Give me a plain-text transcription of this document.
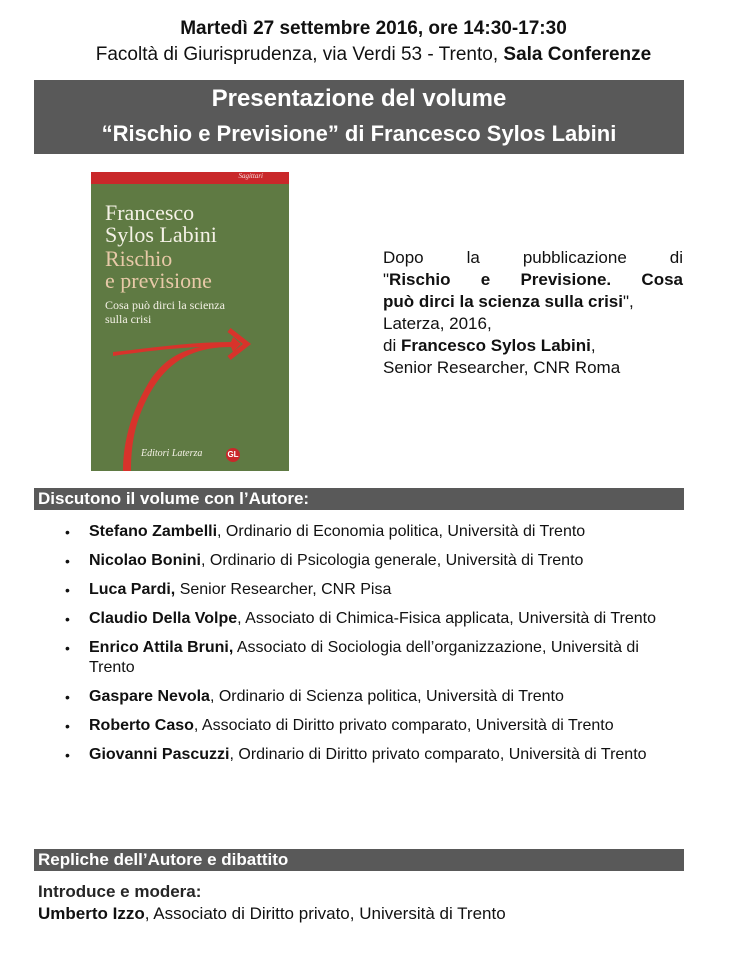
Martedì 27 settembre 2016, ore 14:30-17:30
Facoltà di Giurisprudenza, via Verdi 53 - Trento, Sala Conferenze
Presentazione del volume
“Rischio e Previsione” di Francesco Sylos Labini
Sagittari
Francesco
Sylos Labini
Rischio
e previsione
Cosa può dirci la scienza
sulla crisi
Editori Laterza	GL
Dopo la pubblicazione di
"Rischio e Previsione. Cosa
può dirci la scienza sulla crisi",
Laterza, 2016,
di Francesco Sylos Labini,
Senior Researcher, CNR Roma
Discutono il volume con l’Autore:
• Stefano Zambelli, Ordinario di Economia politica, Università di Trento
• Nicolao Bonini, Ordinario di Psicologia generale, Università di Trento
• Luca Pardi, Senior Researcher, CNR Pisa
• Claudio Della Volpe, Associato di Chimica-Fisica applicata, Università di Trento
• Enrico Attila Bruni, Associato di Sociologia dell’organizzazione, Università di Trento
• Gaspare Nevola, Ordinario di Scienza politica, Università di Trento
• Roberto Caso, Associato di Diritto privato comparato, Università di Trento
• Giovanni Pascuzzi, Ordinario di Diritto privato comparato, Università di Trento
Repliche dell’Autore e dibattito
Introduce e modera:
Umberto Izzo, Associato di Diritto privato, Università di Trento
